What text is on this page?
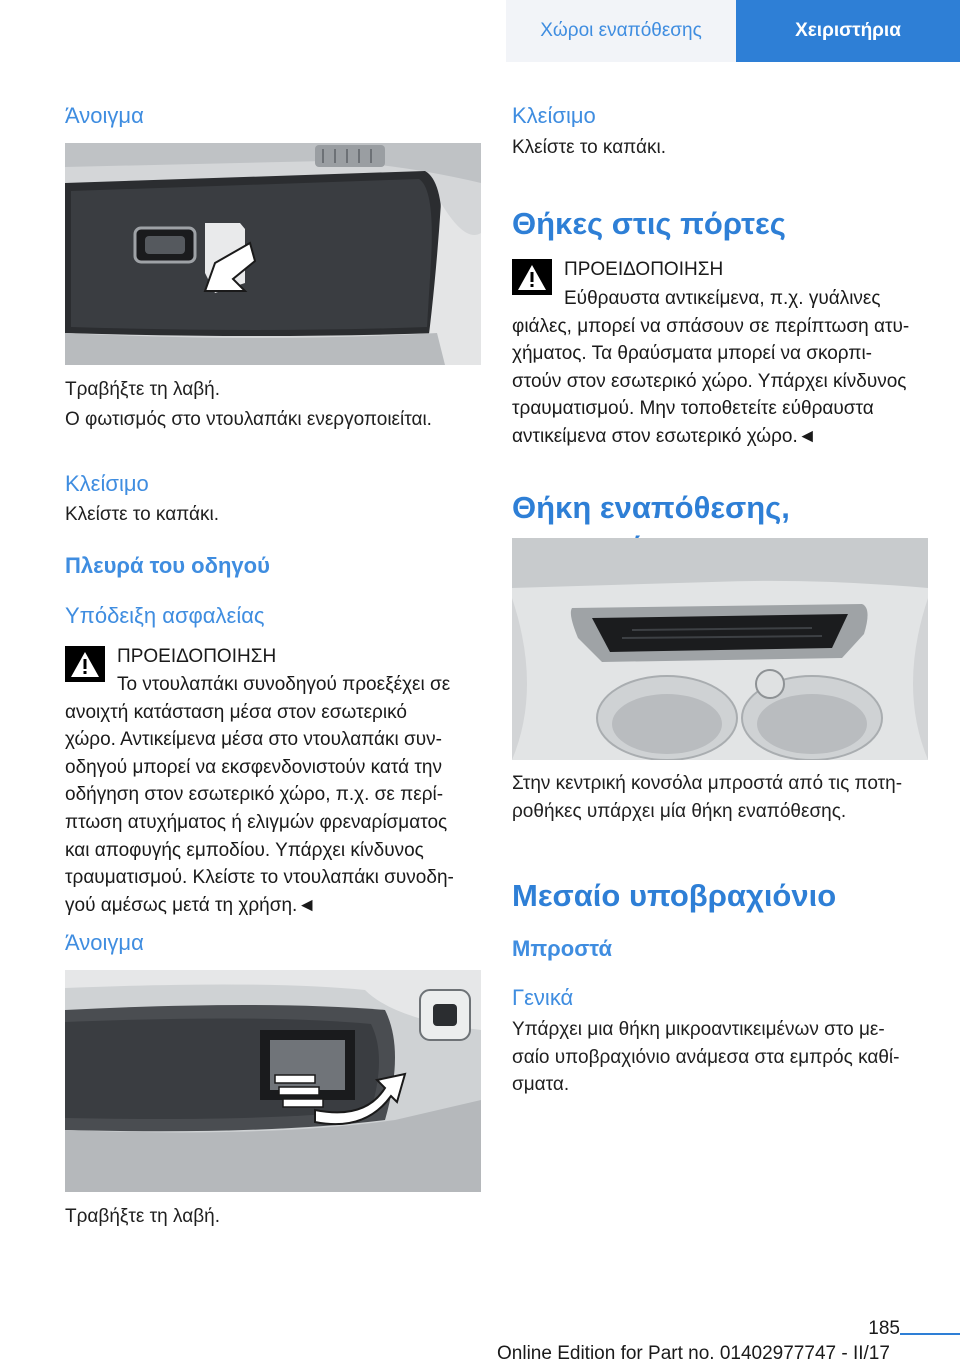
Χώροι εναπόθεσης	Χειριστήρια
Άνοιγμα
Τραβήξτε τη λαβή.
Ο φωτισμός στο ντουλαπάκι ενεργοποιείται.
Κλείσιμο
Κλείστε το καπάκι.
Πλευρά του οδηγού
Υπόδειξη ασφαλείας
ΠΡΟΕΙΔΟΠΟΙΗΣΗ
Το ντουλαπάκι συνοδηγού προεξέχει σε
ανοιχτή κατάσταση μέσα στον εσωτερικό
χώρο. Αντικείμενα μέσα στο ντουλαπάκι συν‐
οδηγού μπορεί να εκσφενδονιστούν κατά την
οδήγηση στον εσωτερικό χώρο, π.χ. σε περί‐
πτωση ατυχήματος ή ελιγμών φρεναρίσματος
και αποφυγής εμποδίου. Υπάρχει κίνδυνος
τραυματισμού. Κλείστε το ντουλαπάκι συνοδη‐
γού αμέσως μετά τη χρήση.◄
Άνοιγμα
Τραβήξτε τη λαβή.
Κλείσιμο
Κλείστε το καπάκι.
Θήκες στις πόρτες
ΠΡΟΕΙΔΟΠΟΙΗΣΗ
Εύθραυστα αντικείμενα, π.χ. γυάλινες
φιάλες, μπορεί να σπάσουν σε περίπτωση ατυ‐
χήματος. Τα θραύσματα μπορεί να σκορπι‐
στούν στον εσωτερικό χώρο. Υπάρχει κίνδυνος
τραυματισμού. Μην τοποθετείτε εύθραυστα
αντικείμενα στον εσωτερικό χώρο.◄
Θήκη εναπόθεσης,
Στην κεντρική κονσόλα μπροστά από τις ποτη‐
ροθήκες υπάρχει μία θήκη εναπόθεσης.
Μεσαίο υποβραχιόνιο
Μπροστά
Γενικά
Υπάρχει μια θήκη μικροαντικειμένων στο με‐
σαίο υποβραχιόνιο ανάμεσα στα εμπρός καθί‐
σματα.
185
Online Edition for Part no. 01402977747 - II/17
